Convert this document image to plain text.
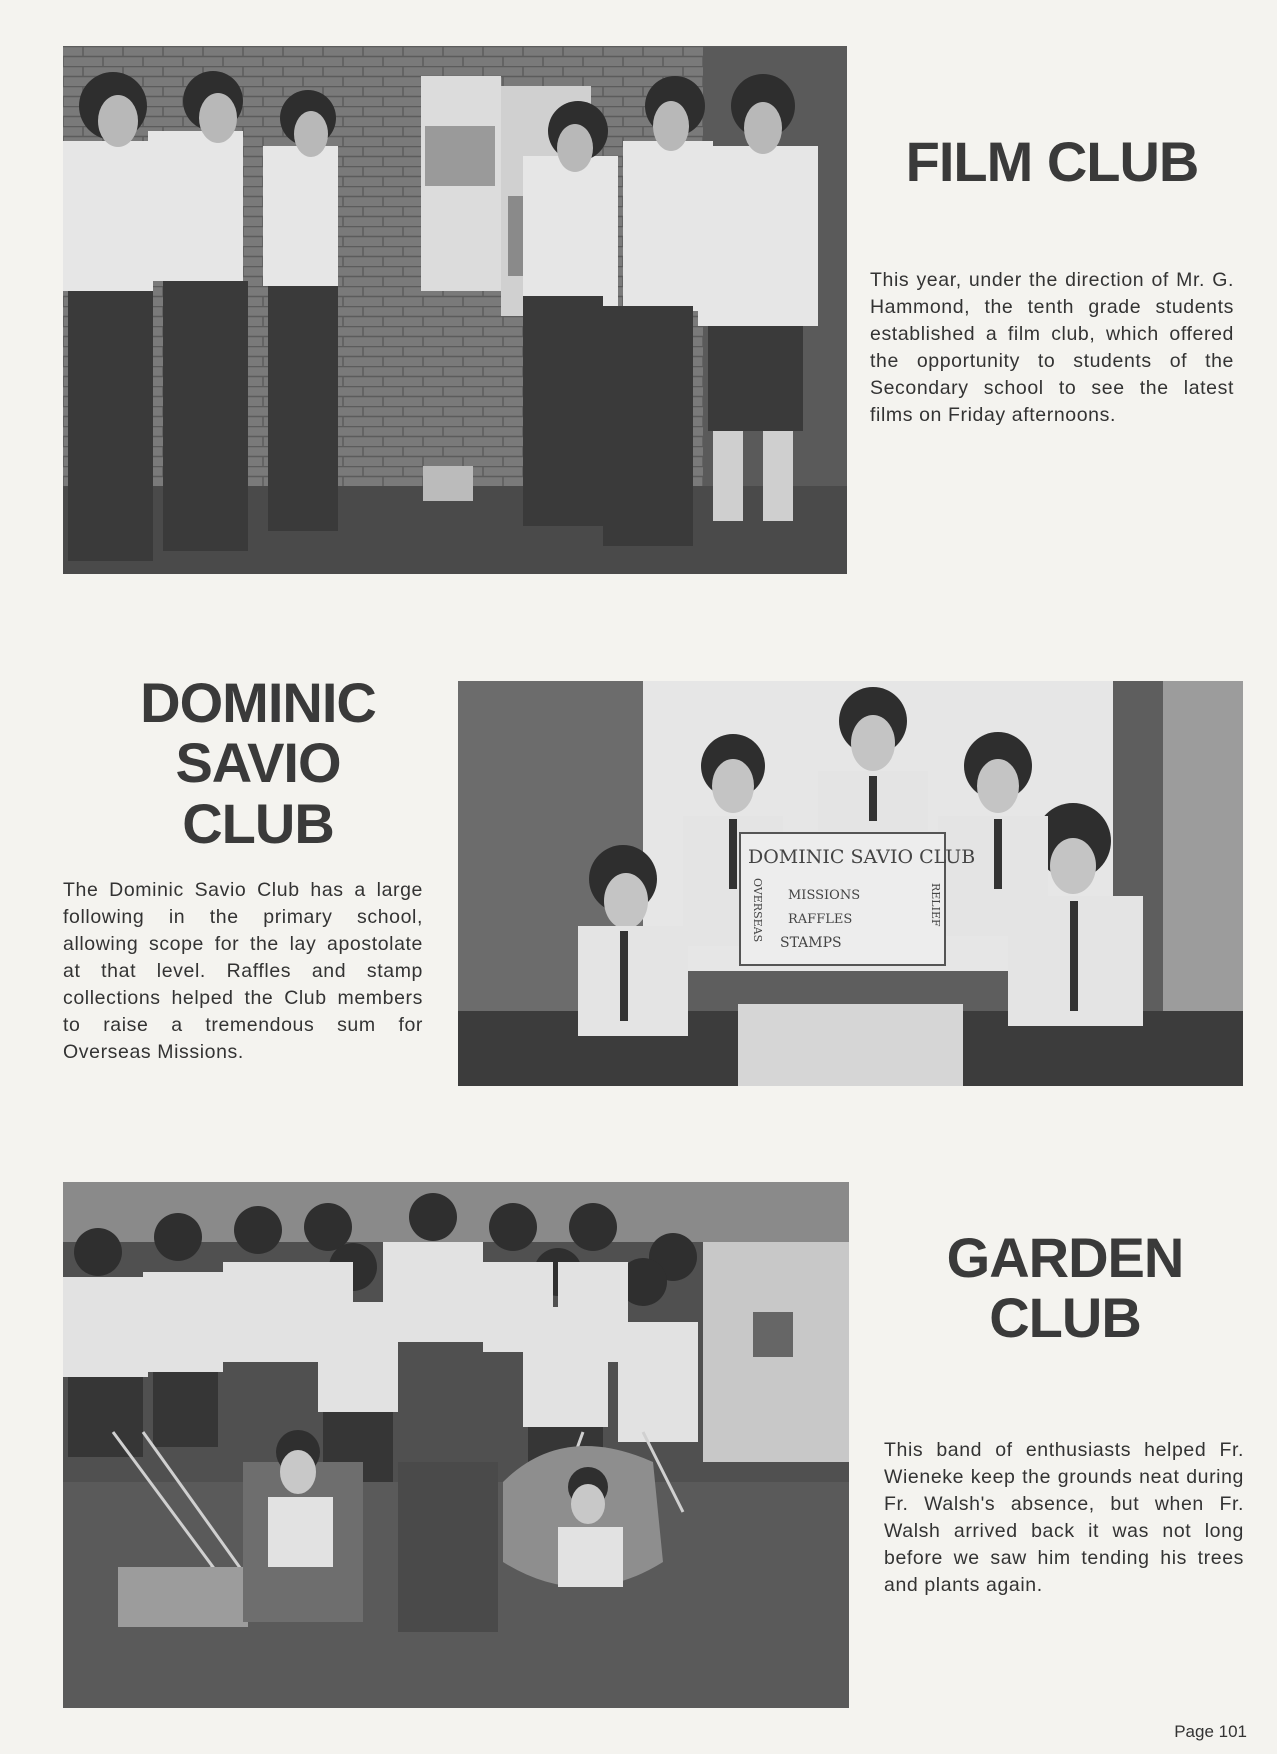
FILM CLUB

This year, under the direction of Mr. G. Hammond, the tenth grade students established a film club, which offered the opportunity to students of the Secondary school to see the latest films on Friday afternoons.

DOMINIC
SAVIO
CLUB

The Dominic Savio Club has a large following in the primary school, allowing scope for the lay apostolate at that level. Raffles and stamp collections helped the Club members to raise a tremendous sum for Overseas Missions.

DOMINIC SAVIO CLUB
MISSIONS
RAFFLES
STAMPS
OVERSEAS	RELIEF
GARDEN
CLUB

This band of enthusiasts helped Fr. Wieneke keep the grounds neat during Fr. Walsh's absence, but when Fr. Walsh arrived back it was not long before we saw him tending his trees and plants again.

Page 101
